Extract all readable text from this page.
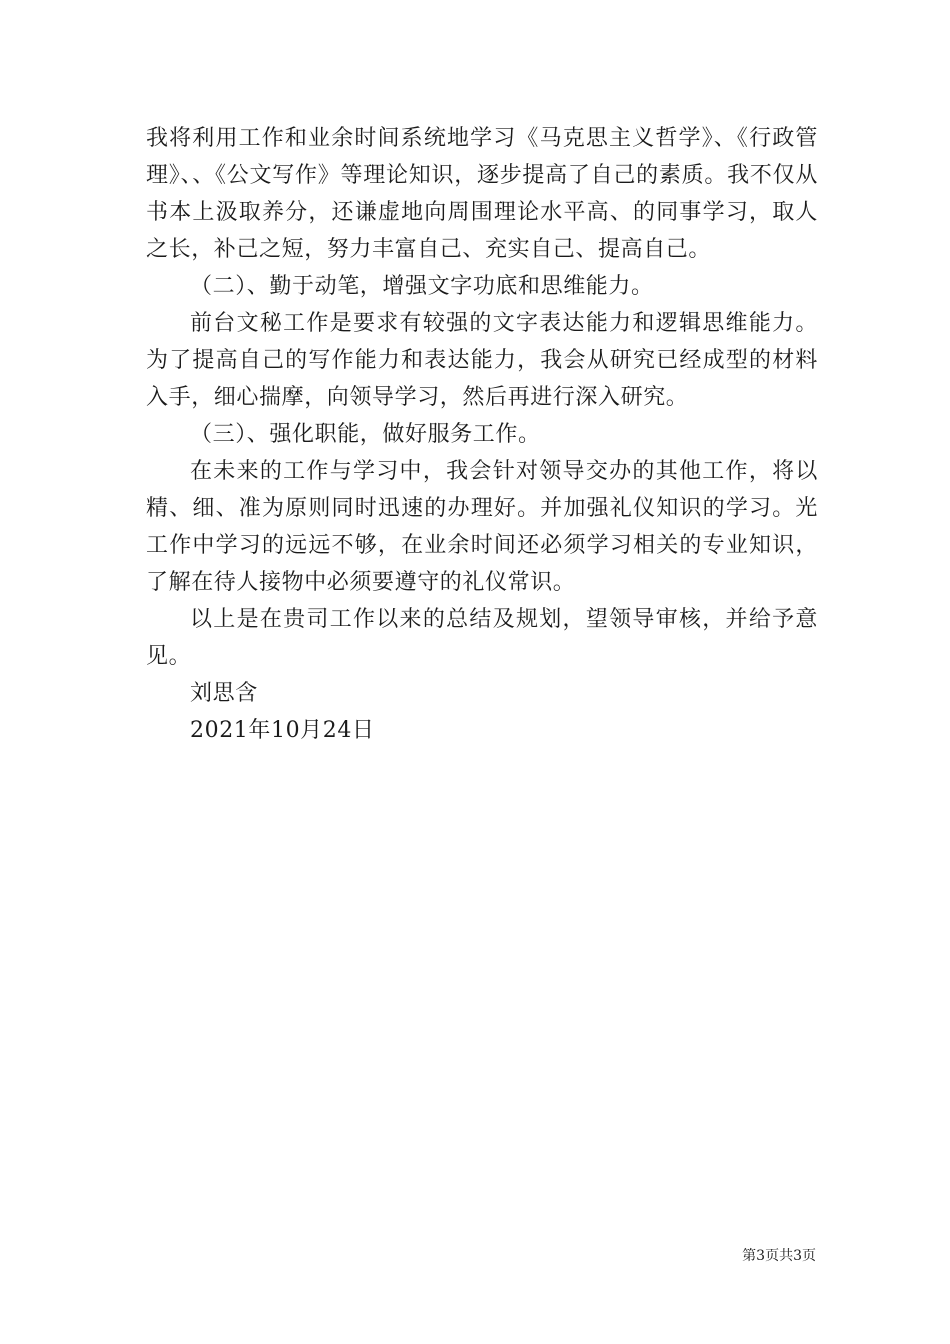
我将利用工作和业余时间系统地学习《马克思主义哲学》、《行政管理》、、《公文写作》等理论知识，逐步提高了自己的素质。我不仅从书本上汲取养分，还谦虚地向周围理论水平高、的同事学习，取人之长，补己之短，努力丰富自己、充实自己、提高自己。

（二）、勤于动笔，增强文字功底和思维能力。

前台文秘工作是要求有较强的文字表达能力和逻辑思维能力。为了提高自己的写作能力和表达能力，我会从研究已经成型的材料入手，细心揣摩，向领导学习，然后再进行深入研究。

（三）、强化职能，做好服务工作。

在未来的工作与学习中，我会针对领导交办的其他工作，将以精、细、准为原则同时迅速的办理好。并加强礼仪知识的学习。光工作中学习的远远不够，在业余时间还必须学习相关的专业知识，了解在待人接物中必须要遵守的礼仪常识。

以上是在贵司工作以来的总结及规划，望领导审核，并给予意见。

刘思含

2021年10月24日

第3页共3页
